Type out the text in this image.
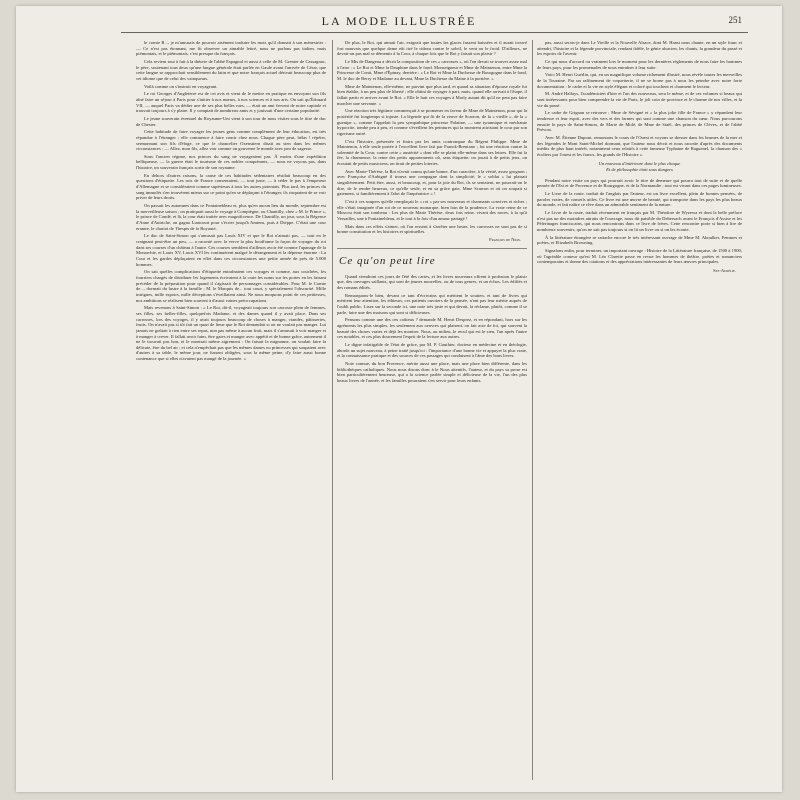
LA MODE ILLUSTRÉE	251

le comte B..., je m'amusais de pouvoir aisément traduire les mots qu'il donnait à son ménestrier : — Ce n'est pas étonnant, me fit observer un aimable lettré, nous ne parlons pas italien, mais piémontais, et le piémontais, c'est presque du français.

Cela revient tout à fait à la théorie de l'abbé Espagnol et aussi à celle de M. Grenier de Cassagnac, le père, soutenant tous deux qu'une langue générale était parlée en Gaule avant l'arrivée de César, que cette langue se rapprochait sensiblement du latin et que notre français actuel dérivait beaucoup plus de cet idiome que de celui des vainqueurs.

Voilà comme on s'instruit en voyageant.

Le roi Georges d'Angleterre est de cet avis et vient de le mettre en pratique en envoyant son fils aîné faire un séjour à Paris pour s'initier à nos mœurs, à nos sciences et à nos arts. On sait qu'Édouard VII, — auquel Paris va dédier une de ses plus belles rues, — était un ami fervent de notre capitale et trouvait toujours à s'y plaire. Il y comptait de nombreux amis et y jouissait d'une certaine popularité.

Le jeune souverain éventuel du Royaume-Uni vient à son tour de nous visiter sous le titre de duc de Chester.

Cette habitude de faire voyager les jeunes gens comme complément de leur éducation, est très répandue à l'étranger ; elle commence à faire courir chez nous. Chaque père peut, hélas ! répéter, sermonnant son fils d'éloge, ce que le chancelier Oxenstiern disait au sien dans les mêmes circonstances : — Allez, mon fils, allez voir comme on gouverne le monde avec peu de sagesse.

Sous l'ancien régime, nos princes du sang ne voyageaient pas. À moins d'une expédition belliqueuse, — la guerre était le tourisme de ces nobles conquérants, — nous ne voyons pas, dans l'histoire, un souverain français sortir de son royaume.

En dehors d'autres raisons, la cause de ces habitudes sédentaires résidait beaucoup en des questions d'étiquette. Les rois de France consentaient, — tout juste, — à céder le pas à l'empereur d'Allemagne et se considéraient comme supérieurs à tous les autres potentats. Plus tard, les princes du sang immolés s'en trouvèrent mieux sur ce point qu'en se déplaçant à l'étranger, ils risquaient de se voir priver de leurs droits.

On passait les automnes dans ce Fontainebleau et, plus qu'en aucun lieu du monde, septembre est la merveilleuse saison ; on pratiquait aussi le voyage à Compiègne, ou Chantilly, chez « M. le Prince », le prince de Condé, et là, la cour était traitée avec magnificence. De Chantilly, un jour, sous la Régence d'Anne d'Autriche, on gagna Liancourt pour s'écrier jusqu'à Amiens, puis à Dieppe. C'était une cour errante, le chariot de Thespis de la Royauté.

Le duc de Saint-Simon qui s'amusait pas Louis XIV et que le Roi n'aimait pas, — tout en le craignant peut-être un peu, — a raconté avec la verve la plus bouffonne la façon de voyager du roi dans ses courses d'un château à l'autre. Ces courses semblent d'ailleurs avoir été comme l'apanage de la Monarchie, et Louis XV, Louis XVI les continuèrent malgré le dérangement et la dépense énorme : La Cour et les gardes déplaçaient en effet dans ces circonstances une petite armée de près de 5.000 hommes.

On sait quelles complications d'étiquette entraînaient ces voyages et comme, aux couchées, les fourriers chargés de distribuer les logements écrivaient à la craie les noms sur les portes en les faisant précéder de la préposition pour quand il s'agissait de personnages considérables. Pour M. le Comte de..., dormait du lustre à la famille ; M. le Marquis de... tout court, y spécialement l'obscurité. Mille intrigues, mille espoirs, mille déceptions s'éveillaient ainsi. Ne nous moquons point de ces petitesses, nos ambitions se réalisent bien souvent à d'aussi vaines préoccupations.

Mais revenons à Saint-Simon : « Le Roi, dit-il, voyageait toujours son carrosse plein de femmes, ses filles, ses belles-filles, quelquefois Madame, et des dames quand il y avait place. Dans ses carrosses, lors des voyages, il y avait toujours beaucoup de choses à manger, viandes, pâtisseries, fruits. On n'avait pas si tôt fait un quart de lieue que le Roi demandait si on ne voulait pas manger. Lui jamais ne goûtait à rien entre ses repas, non pas même à aucun fruit, mais il s'amusait à voir manger et à manger à crever. Il fallait avoir faim, être gaies et manger avec appétit et de bonne grâce, autrement il ne le trouvait pas bon, et le montrait même aigrement : On faisait la mignonne, on voulait faire la délicate, être du bel air ; et cela n'empêchait pas que les mêmes dames ou princesses qui soupaient avec d'autres à sa table, le même jour, ne fussent obligées, sous la même peine, d'y faire aussi bonne contenance que si elles n'avaient pas mangé de la journée. »

De plus, le Roi, qui aimait l'air, exigeait que toutes les glaces fussent baissées et il aurait trouvé fort mauvais que quelque dame eût tiré le rideau contre le soleil, le vent ou le froid. D'ailleurs, ne devait-on pas mal se démentir à la Cour, à chaque fois que le Roi y faisait son plaisir ?

Le Mis de Dangeau a décrit la composition de ces « carrosses », où l'on devait se trouver assez mal à l'aise : « Le Roi et Mme la Dauphine dans le fond. Monseigneur et Mme de Maintenon, entre Mme la Princesse de Conti, Mme d'Épinay, derrière : « Le Roi et Mme la Duchesse de Bourgogne dans le fond, M. le duc de Berry et Madame au devant, Mme la Duchesse du Maine à la portière. »

Mme de Maintenon, elle-même, ne parvint que plus tard, et quand sa situation d'épouse royale fut bien établie, à un peu plus de liberté ; elle obtint de voyager à part, mais, quand elle arrivait à l'étape, il fallait partir et arriver avant le Roi. « Elle le hait ces voyages à Marly autant dit qu'il ne peut pas faire marcher une servante. »

Une réaction très légitime commençait à se promener en faveur de Mme de Maintenon, pour qui la postérité fut longtemps si injuste. La légende qui fit de la veuve de Scarron, de la « vieille », de la « guenipe », comme l'appelait la peu sympathique princesse Palatine, — une tyrannique et méchante hypocrite, tombe peu à peu, et comme s'éveillent les peintures qui la montrent attristant le cour par son rigorisme outré.

C'est l'histoire, présentée et finira par les amis contrompue du Régent Philippe. Mme de Maintenon, à elle seule portée à l'excellent livre fait par Franck-Brentano ; fut une réaction contre la solennité de la Cour, contre cette « austérité » dont elle se plaint elle-même dans ses lettres. Elle fut la fée, la charmeuse, la reine des petits appartements où, sans étiquette, on jouait à de petits jeux, on écoutait de petits musiciens, on tirait de petites loteries.

Avec Marie-Thérèse, la Roi n'avait connu qu'une bonne, d'un caractère, à la vérité, assez grognon ; avec Françoise d'Aubigné il trouva une compagne dont la simplicité, le « soldat » lui plaisait singulièrement. Petit être, aussi, et beaucoup, et, pour la joie du Roi, ils se sentaient, ne pourrait-on le dire, de le rendre heureux, ce qu'elle seule, et en sa grâce gaie, Mme Scarron et où on soupait si gaiement, si familièrement à l'abri de l'impératrice » !

C'est à ces soupers qu'elle remplaçait le « roi » par ses nouveaux et charmants convives et riches ; elle s'était imaginée d'un roi de ce nouveau monarque, bien loin de la prudence. La vraie reine de ce Moscou était son tombeau : Les plus de Marie Thérèse, deux fois reine, vivant des noces, à la qu'à Versailles, une à Fontainebleau, et le tout à la fois d'un amour partagé !

Mais dans ces effets s'aimer, où l'on ressent à s'arrêter une heure, les carrosses ne sont pas de si bonne constitution et les histoires et spirituelles.

François de Nion.
Ce qu'on peut lire

Quand viendront ces jours de l'été des cartes, et les livres nouveaux offrent à profusion le plaisir que, des ouvrages saillants, qui sont de jeunes nouvelles, ou de tous genres, et un échos. Les édifiés et des romans édités.

Remarquons-le bien, devant ce tant d'écrivains qui méritent le soutien, et tant de livres qui méritent leur attention, les éditeurs, ces patients ouvriers de la pensée, n'ont pas leur mérite auprès de l'oubli public. Lisez sur la seconde ici, une note très juste et qui devait, la réclame, plutôt, comme il se parle, faire une des maisons qui sont si délicieuses.

Pensons comme une des ces coûteux ? demande M. Henri Desprez, et en répondant, hors sur les agréments les plus simples, les seulement aux oeuvres qui plaisent, on fait acte de foi, qui souvent la beauté des choses vraies et déjà les montrer. Nous, au milieu, le recul qui est le sien, l'un après l'autre ces notables, et ces plus doucement l'esprit de la lecture aux autres.

Le digne infatigable de l'état de grâce, par M. P. Gauthier, docteur en médecine et en théologie, aborde un sujet nouveau, à peine traité jusqu'ici : l'importance d'une bonne vie et appuyer la plus vraie, et la connaissance pratique et des sources de ces passages qui conduisent à l'âme des bons livres.

Note connue, du bon Provence, mérite aussi une place, mais une place bien différente, dans les bibliothèques catholiques. Nous nous disons donc à le Nous attentifs, l'auteur, et du pays sa prose est bien particulièrement heureuse, qui a la science parlée simple et délicieuse de la vie, l'un des plus beaux livres de l'année, et les familles pourraient s'en servir pour leurs enfants.

pas, aussi serais-je dans Le Vieille et la Nouvelle Alsace, dont M. Hansi nous chante, en un style franc et attendri, l'histoire et la légende provinciale, rendant fidèle, le génie alsacien, les chants, la grandeur du passé et les espoirs de l'avenir.

Ce qui nous d'accord ou vraiment lors le moment pour les dernières réglements de nous faire les hommes de leurs pays, pour les promenades de nous entraîner à leur suite.

Voici M. Henri Guerlin, qui, en un magnifique volume richement illustré, nous révèle toutes les merveilles de la Touraine. Par un raffinement de coquetterie, il ne se borne pas à nous les peindre avec notre forte documentation : le cadre et la vie en style élégant et coloré qui touchent et charment le lecteur.

M. André Hallays, l'académicien d'hier et l'un des nouveaux, sera le même, et de ces volumes si beaux qui sont intéressants pour bien comprendre la vie de Paris, le joli coin de province et le charme de nos villes, et la vie du passé.

Le cadre de Grignan se retrouve ; Mme de Sévigné et « la plus jolie fille de France » y répandent leur tendresse et leur esprit, avec des vers et des larmes qui sont comme une chanson du cœur. Nous parcourons ensuite le pays de Saint-Simon, de Marie de Molé, de Mme de Staël, des princes de Clèves, et de l'abbé Prévost.

Avec M. Étienne Dupont, remontons le cours de l'Ouest et voyons se dresser dans les brumes de la mer et des légendes le Mont Saint-Michel dormant, que l'auteur nous décrit et nous raconte d'après des documents inédits de plus haut intérêt, notamment ceux relatifs à cette fameuse Typhaine de Raguenel, la chanson des « écoliers par l'ouest et les francs, les grands de l'Histoire ».

Un nouveau d'intérieure dont le plus chaque
Et de philosophie était sous dangers

Pendant notre visite un pays qui pourrait avoir le titre de demeure qui pourra tout de suite et de quelle pensée de l'Est et de Provence et de Bourgogne, et de la Normandie ; tout est vivant dans ces pages lumineuses.

Le Livre de la route, traduit de l'anglais par l'auteur, est un livre excellent, plein de bonnes pensées, de paroles vraies, de conseils utiles. Ce livre est une œuvre de beauté, qui transporte dans les pays les plus beaux du monde, et fait naître ce rêve dans un admirable sentiment de la nature.

Le Livre de la route, traduit récemment en français par M. Théodore de Wyzewa et dont la belle préface n'est pas un des moindres attraits de l'ouvrage, nous dit paisible du Debersach avant le François d'Assise et les Pèlerinages franciscains, qui nous rencontrons dans ce livre de frères. Cette rencontre porte si bien à lire de nombreux souvenirs, qu'on ne sait pas toujours si on lit un livre ou si on les écoute.

À la littérature étrangère se rattache encore le très intéressant ouvrage de Mme M. Aboulker, Femmes et poètes, et Elizabeth Browning.

Signalons enfin, pour terminer, un important ouvrage : Histoire de la Littérature française, de 1500 à 1900, où l'agréable conteur qu'est M. Léo Claretie passe en revue les hommes de théâtre, poètes et romanciers contemporains et donne des citations et des appréciations intéressantes de leurs œuvres principales.

Ste-Aurélie.
